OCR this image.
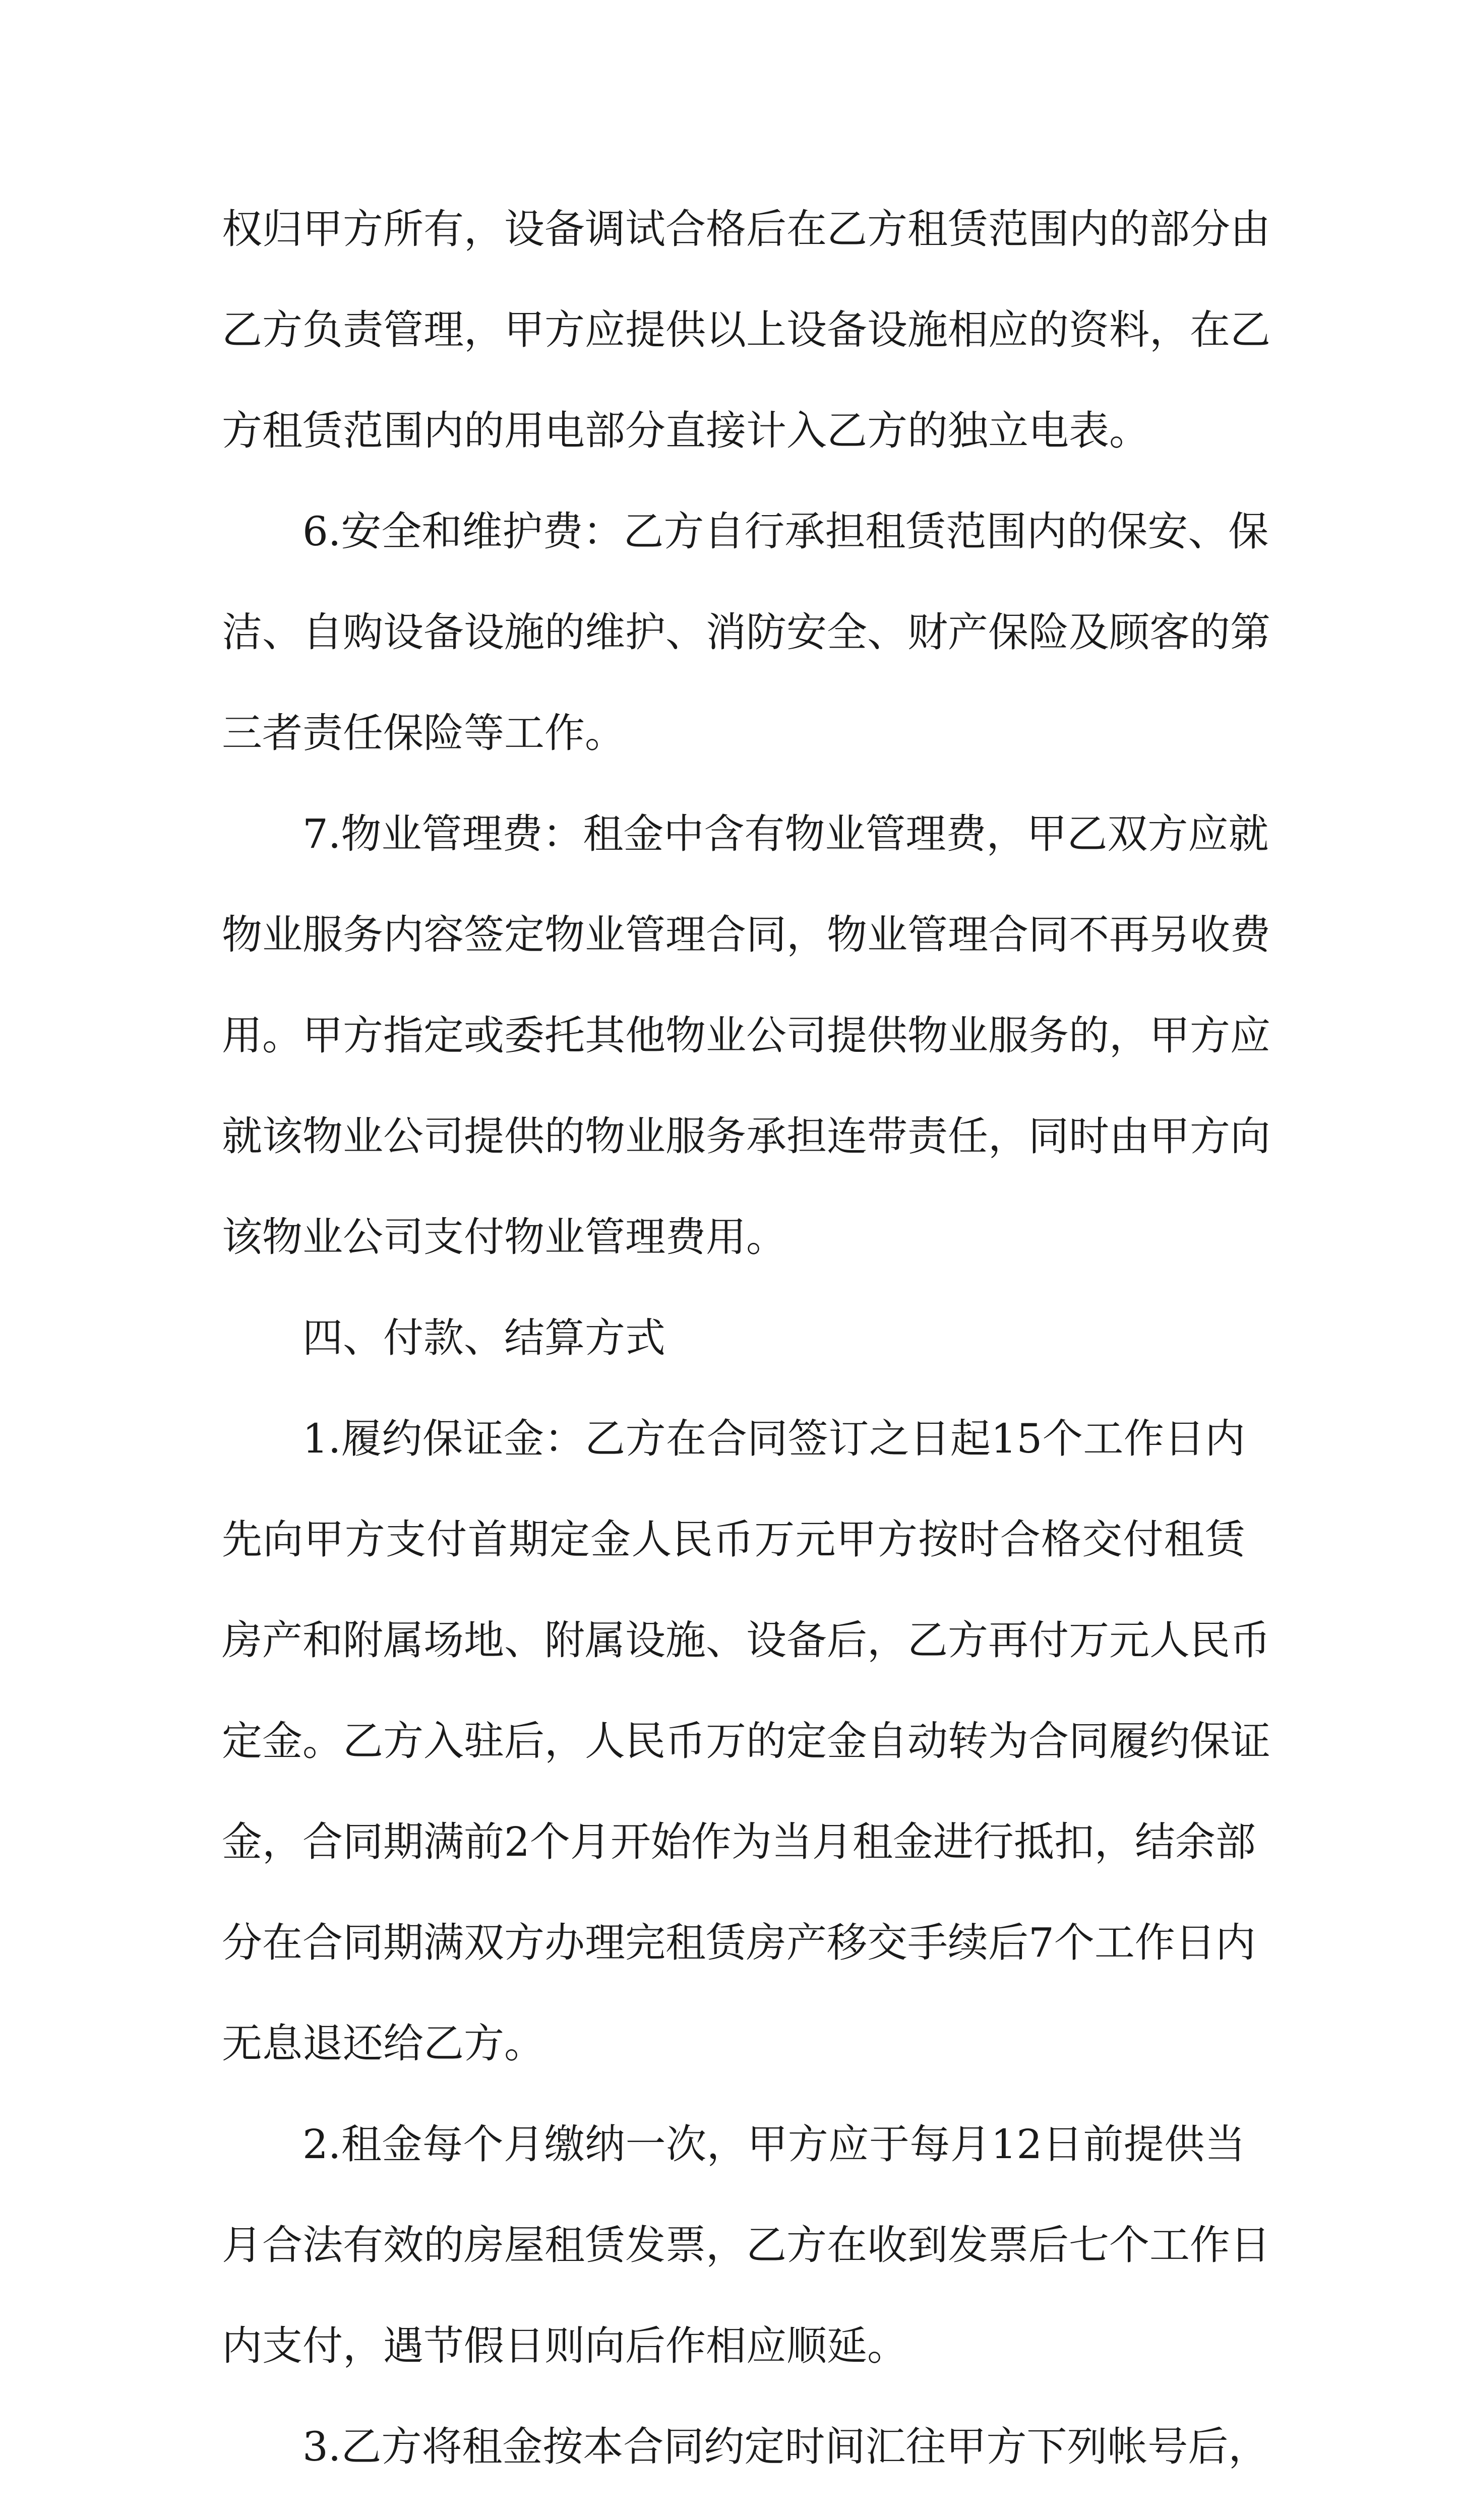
权归甲方所有，设备调试合格后在乙方租赁范围内的部分由
乙方负责管理，甲方应提供以上设备设施相应的资料，在乙
方租赁范围内的用电部分直接计入乙方的独立电表。
6.安全和维护费：乙方自行承担租赁范围内的保安、保
洁、自购设备设施的维护、消防安全、财产保险及顾客的第
三者责任保险等工作。
7.物业管理费：租金中含有物业管理费，甲乙双方应就
物业服务内容签定物业管理合同，物业管理合同不再另收费
用。甲方指定或委托其他物业公司提供物业服务的，甲方应
就该物业公司提供的物业服务承担连带责任，同时由甲方向
该物业公司支付物业管理费用。
四、付款、结算方式
1.履约保证金：乙方在合同签订之日起15个工作日内
先向甲方支付首期定金人民币万元甲方按时合格交付租赁
房产和附属场地、附属设施、设备后，乙方再付万元人民币
定金。乙方入驻后，人民币万的定金自动转为合同履约保证
金，合同期满前2个月开始作为当月租金进行抵扣，结余部
分在合同期满双方办理完租赁房产移交手续后7个工作日内
无息退还给乙方。
2.租金每个月缴纳一次，甲方应于每月12日前提供当
月合法有效的房屋租赁发票，乙方在收到发票后七个工作日
内支付，遇节假日则向后作相应顺延。
3.乙方将租金按本合同约定时间汇往甲方下列帐号后，
